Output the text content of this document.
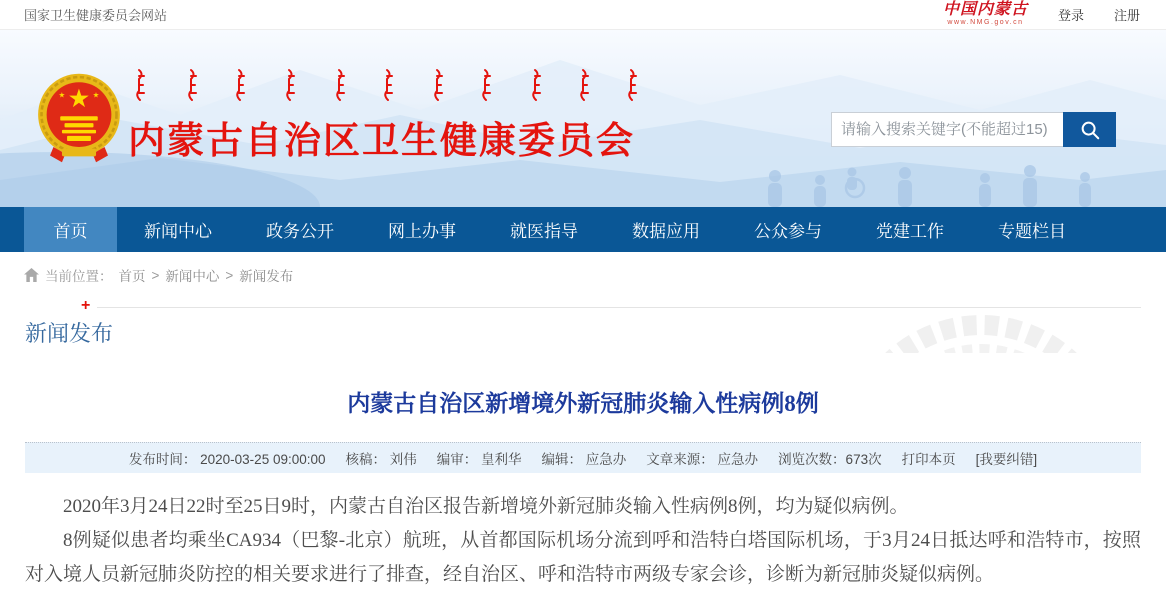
国家卫生健康委员会网站	中国内蒙古
www.NMG.gov.cn	登录 注册
★
★	★
内蒙古自治区卫生健康委员会
请输入搜索关键字(不能超过15)
首页	新闻中心	政务公开	网上办事	就医指导	数据应用	公众参与	党建工作	专题栏目
当前位置： 首页 > 新闻中心 > 新闻发布
+
新闻发布
内蒙古自治区新增境外新冠肺炎输入性病例8例
发布时间： 2020-03-25 09:00:00 核稿： 刘伟 编审： 皇利华 编辑： 应急办 文章来源： 应急办 浏览次数：673次 打印本页 [我要纠错]

2020年3月24日22时至25日9时，内蒙古自治区报告新增境外新冠肺炎输入性病例8例，均为疑似病例。

8例疑似患者均乘坐CA934（巴黎-北京）航班，从首都国际机场分流到呼和浩特白塔国际机场，于3月24日抵达呼和浩特市，按照对入境人员新冠肺炎防控的相关要求进行了排查，经自治区、呼和浩特市两级专家会诊，诊断为新冠肺炎疑似病例。
